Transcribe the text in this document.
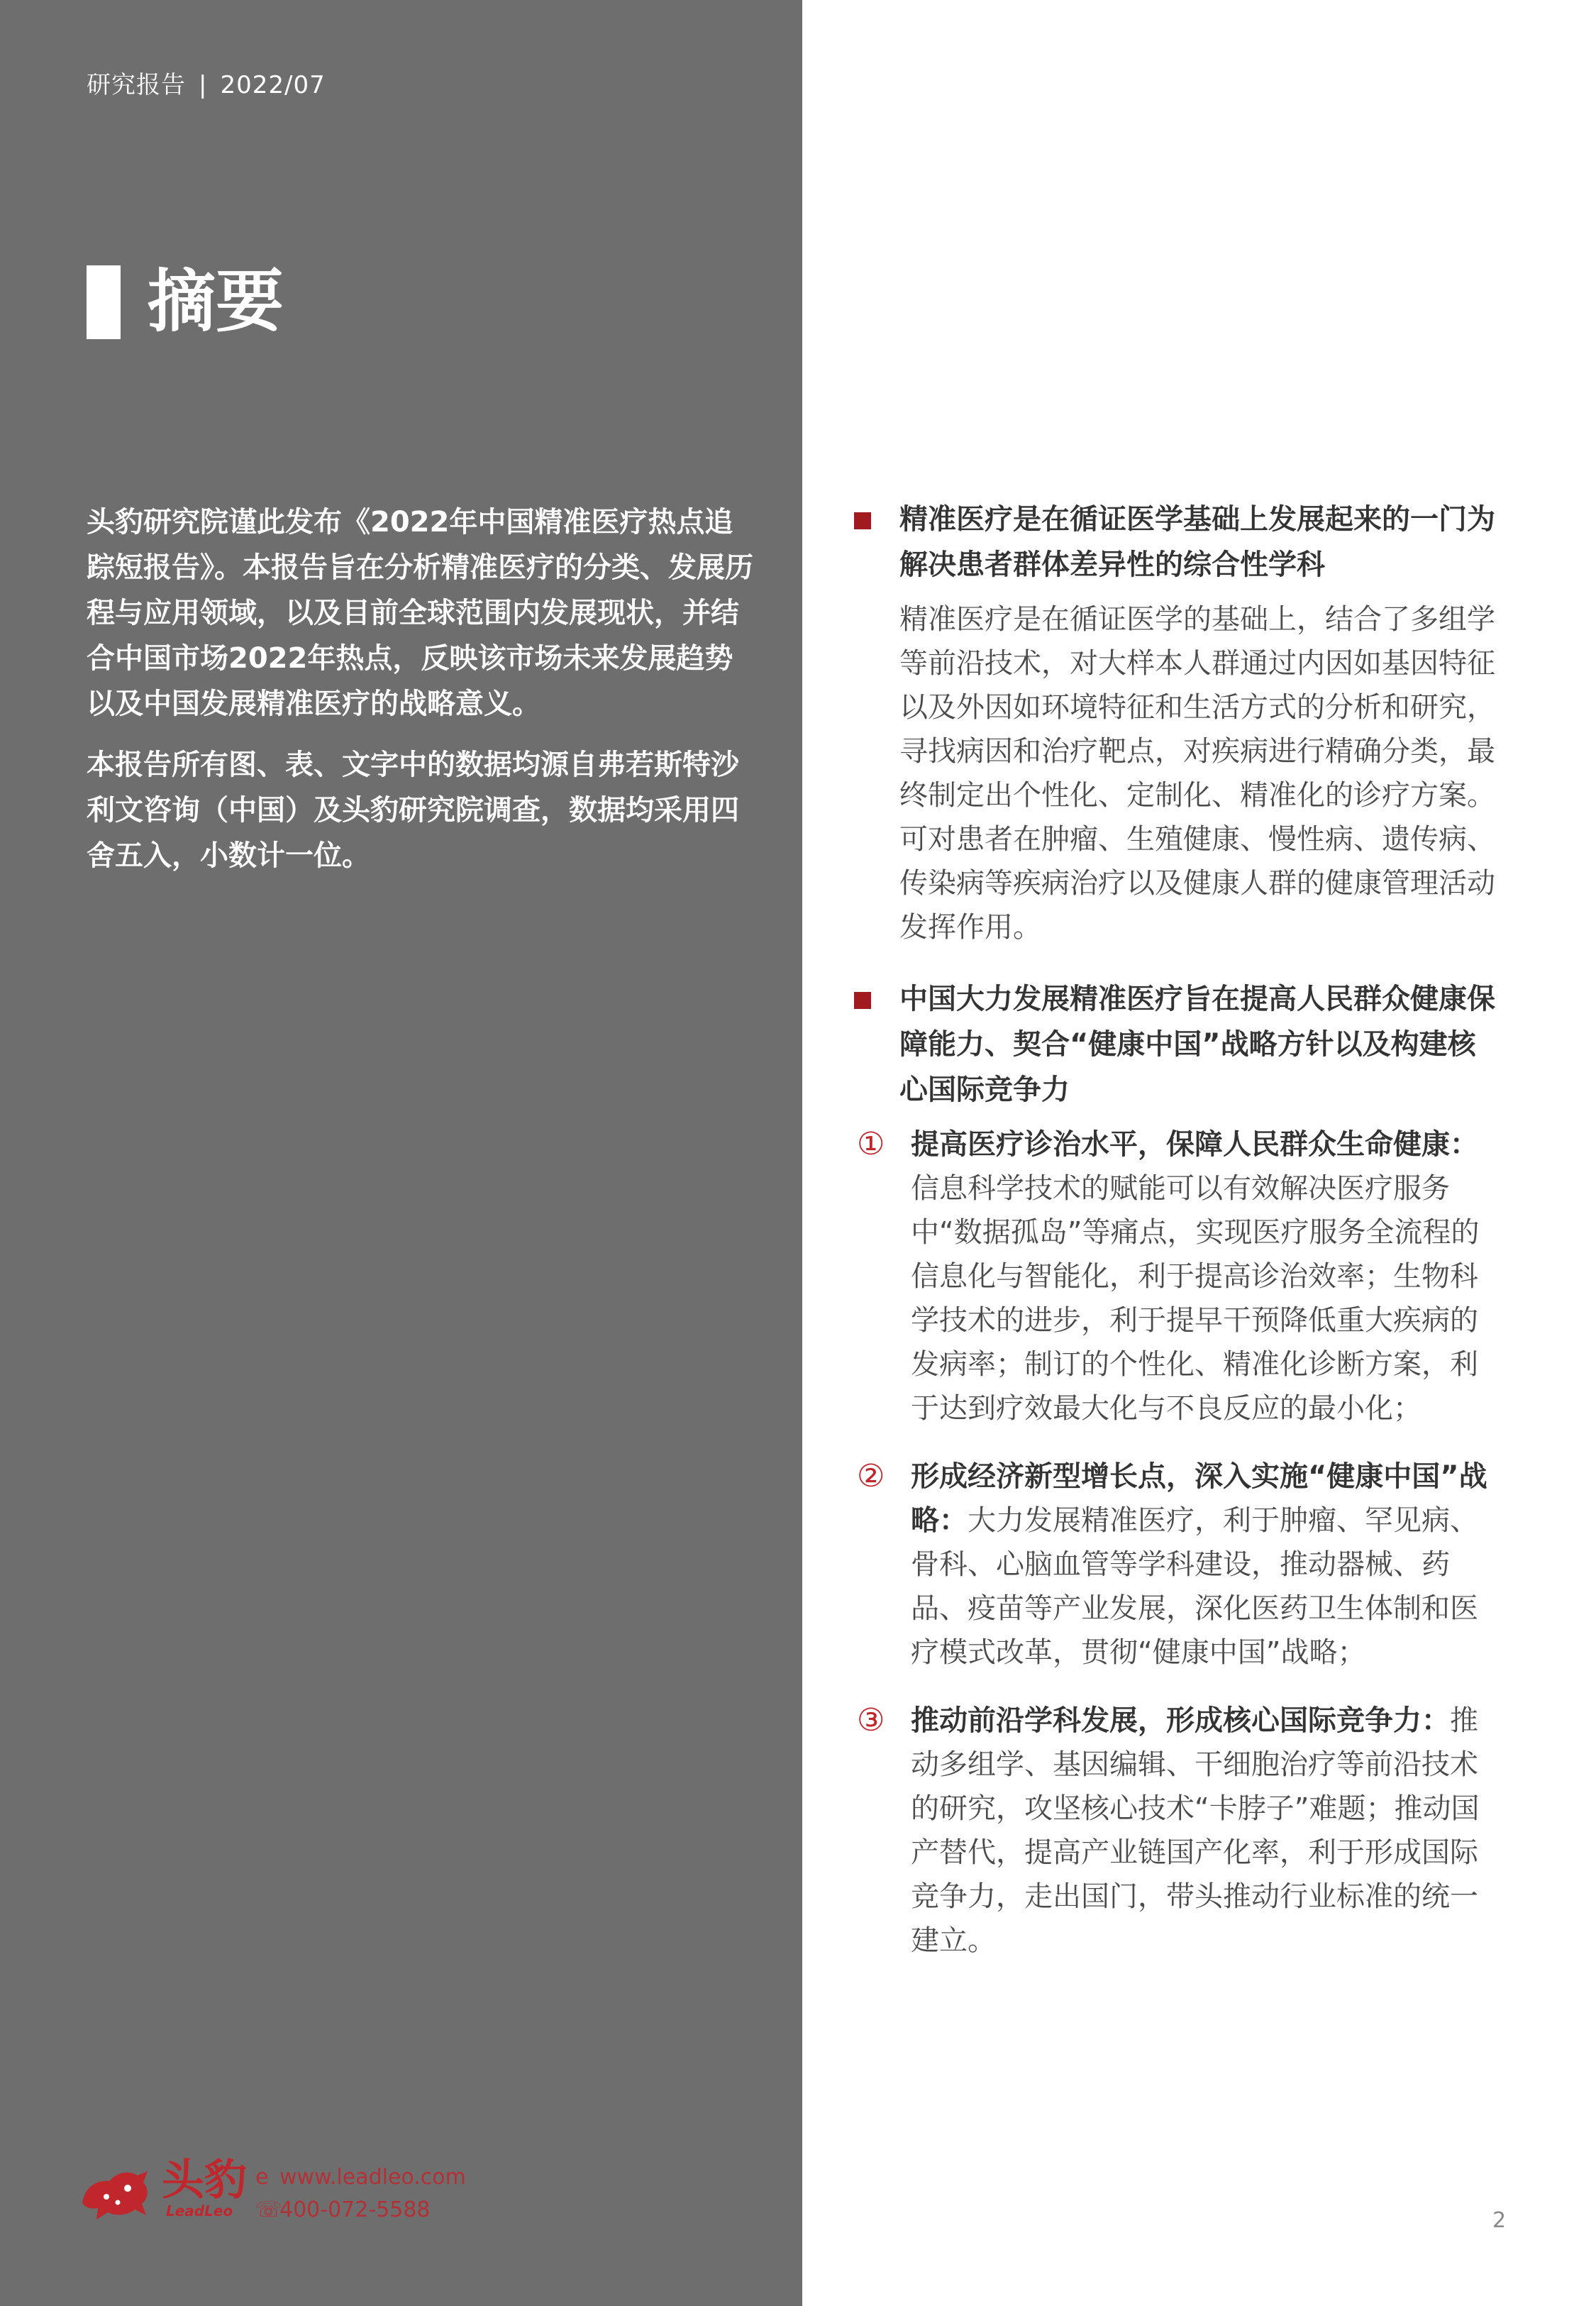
研究报告 | 2022/07
摘要

头豹研究院谨此发布《2022年中国精准医疗热点追踪短报告》。本报告旨在分析精准医疗的分类、发展历程与应用领域，以及目前全球范围内发展现状，并结合中国市场2022年热点，反映该市场未来发展趋势以及中国发展精准医疗的战略意义。

本报告所有图、表、文字中的数据均源自弗若斯特沙利文咨询（中国）及头豹研究院调查，数据均采用四舍五入，小数计一位。

精准医疗是在循证医学基础上发展起来的一门为解决患者群体差异性的综合性学科
精准医疗是在循证医学的基础上，结合了多组学等前沿技术，对大样本人群通过内因如基因特征以及外因如环境特征和生活方式的分析和研究，寻找病因和治疗靶点，对疾病进行精确分类，最终制定出个性化、定制化、精准化的诊疗方案。可对患者在肿瘤、生殖健康、慢性病、遗传病、传染病等疾病治疗以及健康人群的健康管理活动发挥作用。
中国大力发展精准医疗旨在提高人民群众健康保障能力、契合“健康中国”战略方针以及构建核心国际竞争力
① 提高医疗诊治水平，保障人民群众生命健康：信息科学技术的赋能可以有效解决医疗服务中“数据孤岛”等痛点，实现医疗服务全流程的信息化与智能化，利于提高诊治效率；生物科学技术的进步，利于提早干预降低重大疾病的发病率；制订的个性化、精准化诊断方案，利于达到疗效最大化与不良反应的最小化；
② 形成经济新型增长点，深入实施“健康中国”战略：大力发展精准医疗，利于肿瘤、罕见病、骨科、心脑血管等学科建设，推动器械、药品、疫苗等产业发展，深化医药卫生体制和医疗模式改革，贯彻“健康中国”战略；
③ 推动前沿学科发展，形成核心国际竞争力：推动多组学、基因编辑、干细胞治疗等前沿技术的研究，攻坚核心技术“卡脖子”难题；推动国产替代，提高产业链国产化率，利于形成国际竞争力，走出国门，带头推动行业标准的统一建立。
头豹
LeadLeo
e www.leadleo.com
☏400-072-5588	2
